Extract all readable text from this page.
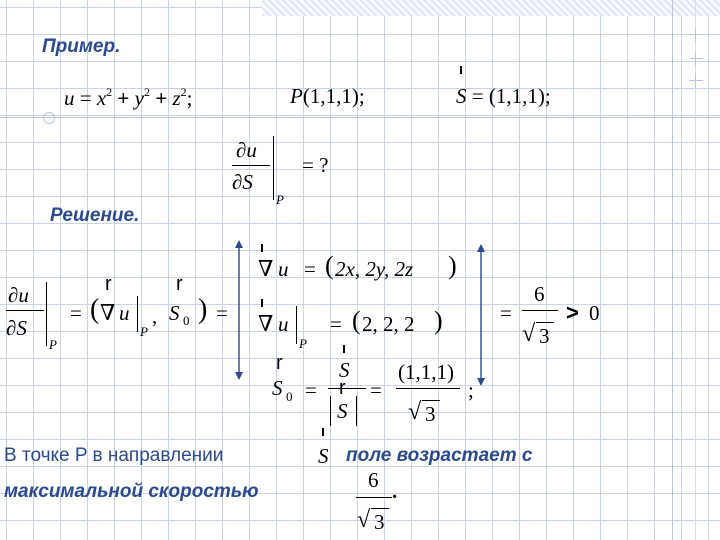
Пример.
$u = x^2 + y^2 + z^2$;	P(1,1,1);	S = (1,1,1);
∂u
∂S
P
= ?
Решение.
∂u
∂S
P
= (
r
∇ u
P
,
r
S 0 ) =
∇ u = ( 2x, 2y, 2z )
∇ u
P
= ( 2, 2, 2 )
r
S 0 =
S
r
‖ S ‖
=
(1,1,1)
√ 3
;
=
6
√ 3
> 0
В точке P в направлении	S поле возрастает с
максимальной скоростью	6 .
√ 3
